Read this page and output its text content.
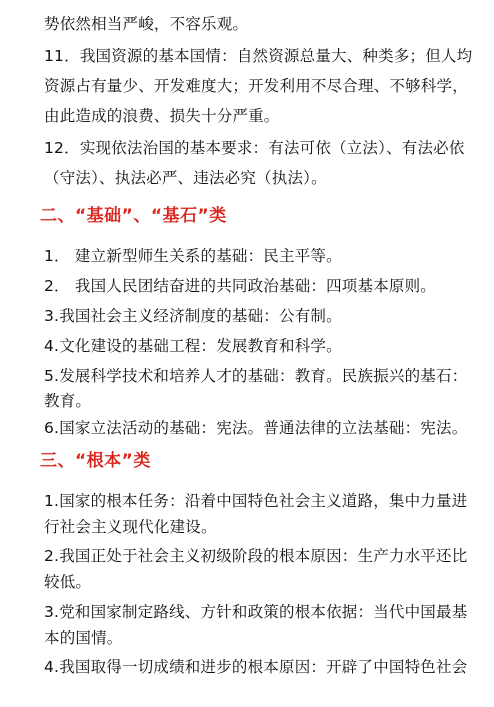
势依然相当严峻，不容乐观。
11．我国资源的基本国情：自然资源总量大、种类多；但人均
资源占有量少、开发难度大；开发利用不尽合理、不够科学，
由此造成的浪费、损失十分严重。
12．实现依法治国的基本要求：有法可依（立法）、有法必依
（守法）、执法必严、违法必究（执法）。
二、“基础”、“基石”类
1． 建立新型师生关系的基础：民主平等。
2． 我国人民团结奋进的共同政治基础：四项基本原则。
3.我国社会主义经济制度的基础：公有制。
4.文化建设的基础工程：发展教育和科学。
5.发展科学技术和培养人才的基础：教育。民族振兴的基石：
教育。
6.国家立法活动的基础：宪法。普通法律的立法基础：宪法。
三、“根本”类
1.国家的根本任务：沿着中国特色社会主义道路，集中力量进
行社会主义现代化建设。
2.我国正处于社会主义初级阶段的根本原因：生产力水平还比
较低。
3.党和国家制定路线、方针和政策的根本依据：当代中国最基
本的国情。
4.我国取得一切成绩和进步的根本原因：开辟了中国特色社会
